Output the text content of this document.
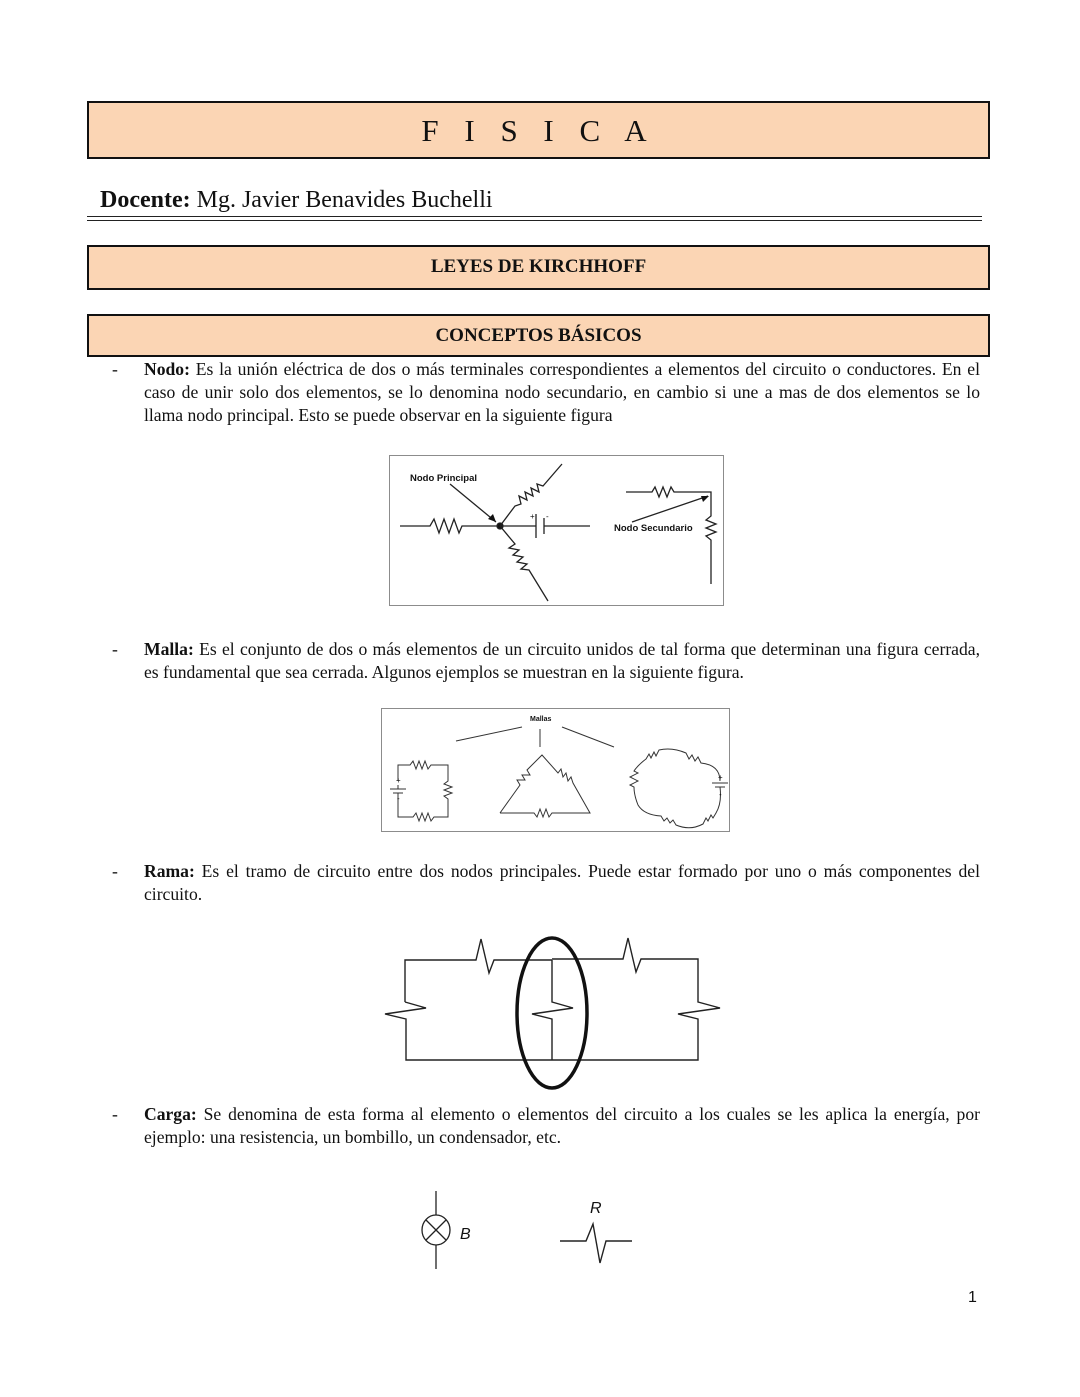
F I S I C A
Docente: Mg. Javier Benavides Buchelli
LEYES DE KIRCHHOFF
CONCEPTOS BÁSICOS
- Nodo: Es la unión eléctrica de dos o más terminales correspondientes a elementos del circuito o conductores. En el caso de unir solo dos elementos, se lo denomina nodo secundario, en cambio si une a mas de dos elementos se lo llama nodo principal. Esto se puede observar en la siguiente figura
Nodo Principal
Nodo Secundario
+ -
- Malla: Es el conjunto de dos o más elementos de un circuito unidos de tal forma que determinan una figura cerrada, es fundamental que sea cerrada. Algunos ejemplos se muestran en la siguiente figura.
Mallas
+
-
+
-
- Rama: Es el tramo de circuito entre dos nodos principales. Puede estar formado por uno o más componentes del circuito.
- Carga: Se denomina de esta forma al elemento o elementos del circuito a los cuales se les aplica la energía, por ejemplo: una resistencia, un bombillo, un condensador, etc.
B
R
1
